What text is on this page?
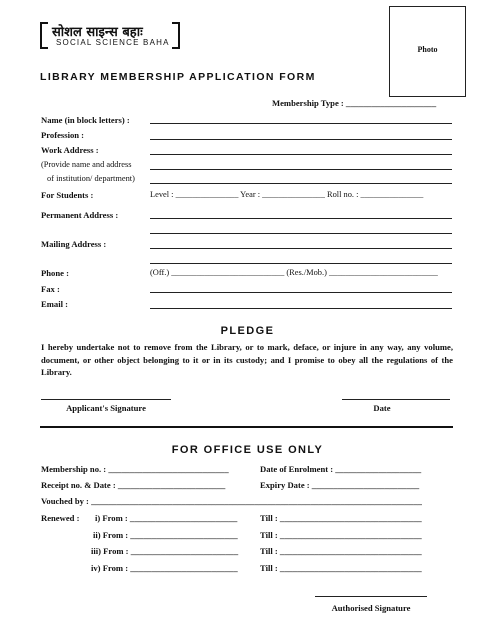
सोशल साइन्स बहाः
SOCIAL SCIENCE BAHA
Photo
LIBRARY MEMBERSHIP APPLICATION FORM
Membership Type : _____________________
Name (in block letters) :
Profession :
Work Address :
(Provide name and address
of institution/ department)
For Students :	Level : _______________ Year : _______________ Roll no. : _______________
Permanent Address :
Mailing Address :
Phone :	(Off.) ___________________________ (Res./Mob.) __________________________
Fax :
Email :
PLEDGE
I hereby undertake not to remove from the Library, or to mark, deface, or injure in any way, any volume, document, or other object belonging to it or in its custody; and I promise to obey all the regulations of the Library.
Applicant's Signature	Date
FOR OFFICE USE ONLY
Membership no. : ____________________________	Date of Enrolment : ____________________
Receipt no. & Date : _________________________	Expiry Date : _________________________
Vouched by : _____________________________________________________________________________
Renewed : i) From : _________________________	Till : _________________________________
ii) From : _________________________	Till : _________________________________
iii) From : _________________________	Till : _________________________________
iv) From : _________________________	Till : _________________________________
Authorised Signature
